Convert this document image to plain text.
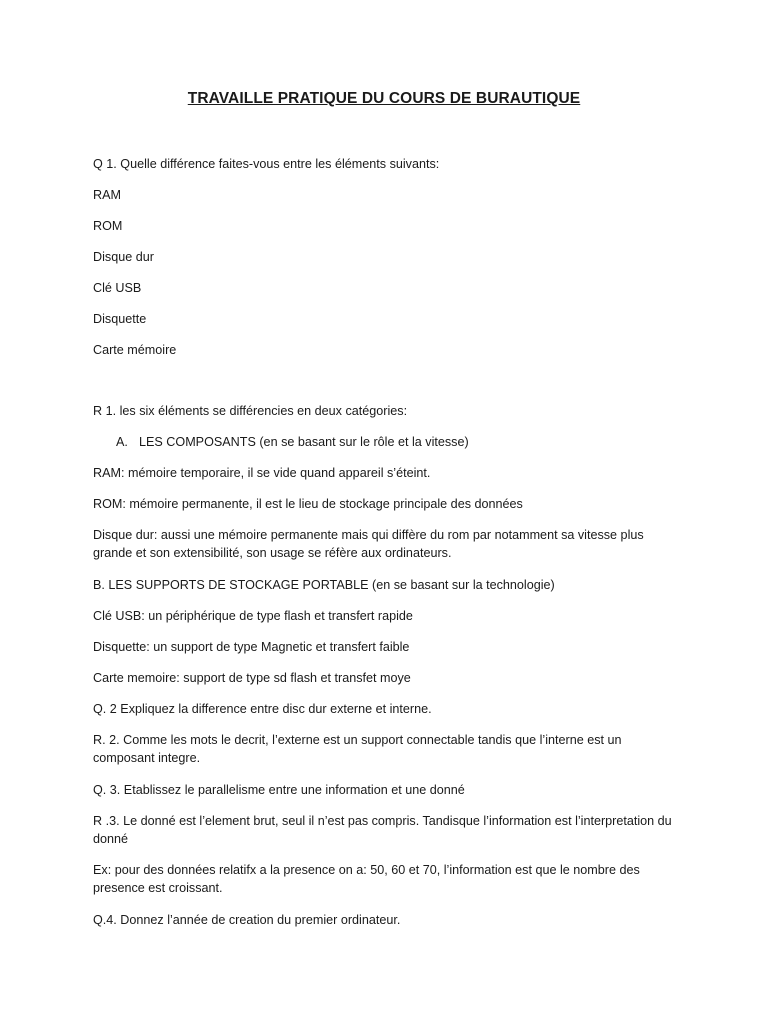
TRAVAILLE PRATIQUE DU COURS DE BURAUTIQUE

Q 1. Quelle différence faites-vous entre les éléments suivants:

RAM

ROM

Disque dur

Clé USB

Disquette

Carte mémoire

R 1. les six éléments se différencies en deux catégories:

A. LES COMPOSANTS (en se basant sur le rôle et la vitesse)

RAM: mémoire temporaire, il se vide quand appareil s’éteint.

ROM: mémoire permanente, il est le lieu de stockage principale des données

Disque dur: aussi une mémoire permanente mais qui diffère du rom par notamment sa vitesse plus grande et son extensibilité, son usage se réfère aux ordinateurs.

B. LES SUPPORTS DE STOCKAGE PORTABLE (en se basant sur la technologie)

Clé USB: un périphérique de type flash et transfert rapide

Disquette: un support de type Magnetic et transfert faible

Carte memoire: support de type sd flash et transfet moye

Q. 2 Expliquez la difference entre disc dur externe et interne.

R. 2. Comme les mots le decrit, l’externe est un support connectable tandis que l’interne est un composant integre.

Q. 3. Etablissez le parallelisme entre une information et une donné

R .3. Le donné est l’element brut, seul il n’est pas compris. Tandisque l’information est l’interpretation du donné

Ex: pour des données relatifx a la presence on a: 50, 60 et 70, l’information est que le nombre des presence est croissant.

Q.4. Donnez l’année de creation du premier ordinateur.
